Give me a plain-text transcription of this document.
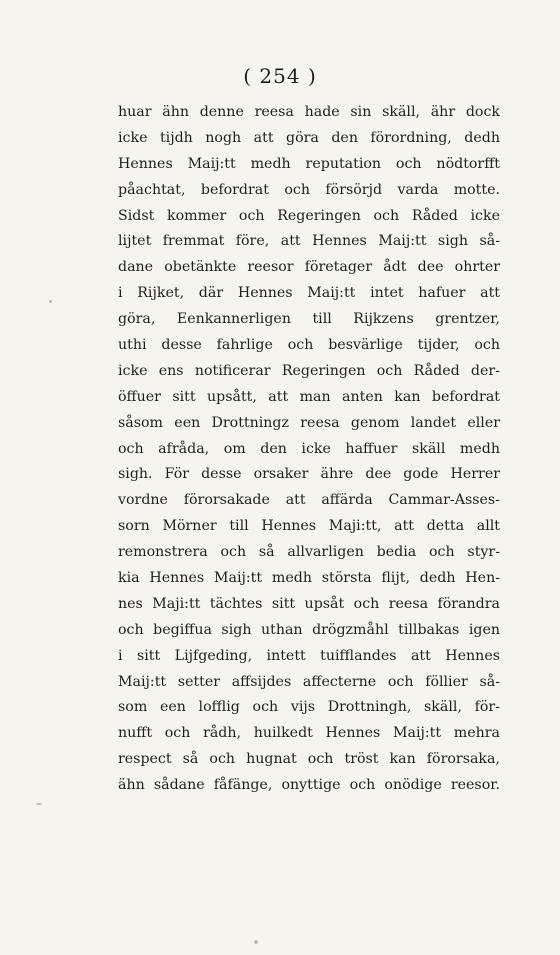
( 254 )
huar ähn denne reesa hade sin skäll, ähr dock
icke tijdh nogh att göra den förordning, dedh
Hennes Maij:tt medh reputation och nödtorfft
påachtat, befordrat och försörjd varda motte.
Sidst kommer och Regeringen och Råded icke
lijtet fremmat före, att Hennes Maij:tt sigh så-
dane obetänkte reesor företager ådt dee ohrter
i Rijket, där Hennes Maij:tt intet hafuer att
göra, Eenkannerligen till Rijkzens grentzer,
uthi desse fahrlige och besvärlige tijder, och
icke ens notificerar Regeringen och Råded der-
öffuer sitt upsått, att man anten kan befordrat
såsom een Drottningz reesa genom landet eller
och afråda, om den icke haffuer skäll medh
sigh. För desse orsaker ähre dee gode Herrer
vordne förorsakade att affärda Cammar-Asses-
sorn Mörner till Hennes Maji:tt, att detta allt
remonstrera och så allvarligen bedia och styr-
kia Hennes Maij:tt medh största flijt, dedh Hen-
nes Maji:tt tächtes sitt upsåt och reesa förandra
och begiffua sigh uthan drögzmåhl tillbakas igen
i sitt Lijfgeding, intett tuifflandes att Hennes
Maij:tt setter affsijdes affecterne och föllier så-
som een lofflig och vijs Drottningh, skäll, för-
nufft och rådh, huilkedt Hennes Maij:tt mehra
respect så och hugnat och tröst kan förorsaka,
ähn sådane fåfänge, onyttige och onödige reesor.
